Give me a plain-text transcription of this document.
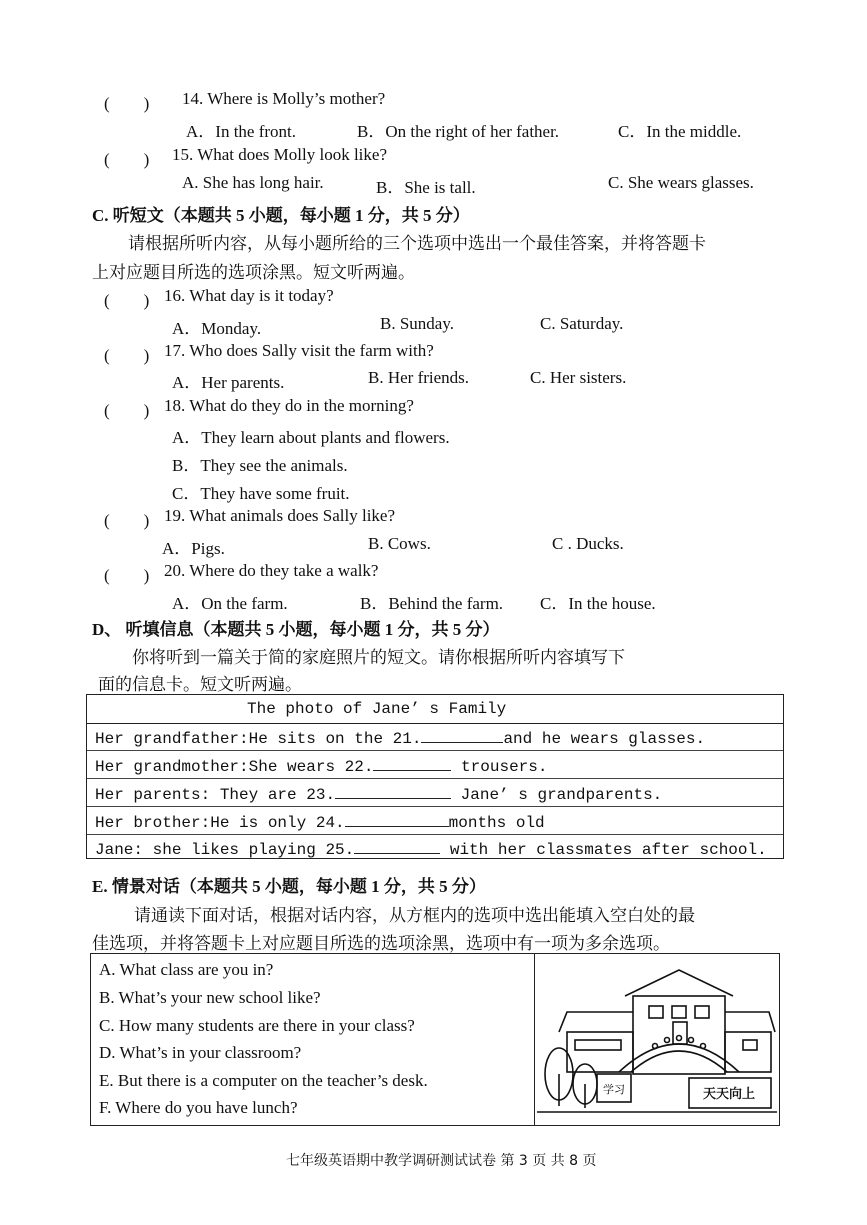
(　　) 14. Where is Molly’s mother?
A．In the front.	B．On the right of her father.	C．In the middle.
(　　) 15. What does Molly look like?
A. She has long hair.	B．She is tall.	C. She wears glasses.
C. 听短文（本题共 5 小题，每小题 1 分，共 5 分）
请根据所听内容，从每小题所给的三个选项中选出一个最佳答案，并将答题卡
上对应题目所选的选项涂黑。短文听两遍。
(　　) 16. What day is it today?
A．Monday.	B. Sunday.	C. Saturday.
(　　) 17. Who does Sally visit the farm with?
A．Her parents.	B. Her friends.	C. Her sisters.
(　　) 18. What do they do in the morning?
A．They learn about plants and flowers.
B．They see the animals.
C．They have some fruit.
(　　) 19. What animals does Sally like?
A．Pigs.	B. Cows.	C . Ducks.
(　　) 20. Where do they take a walk?
A．On the farm.	B．Behind the farm. C．In the house.
D、 听填信息（本题共 5 小题，每小题 1 分，共 5 分）
你将听到一篇关于简的家庭照片的短文。请你根据所听内容填写下
面的信息卡。短文听两遍。
The photo of Jane’ s Family
Her grandfather:He sits on the 21.	and he wears glasses.
Her grandmother:She wears 22.	trousers.
Her parents: They are 23.	Jane’ s grandparents.
Her brother:He is only 24.	months old
Jane: she likes playing 25.	with her classmates after school.
E. 情景对话（本题共 5 小题，每小题 1 分，共 5 分）
请通读下面对话，根据对话内容，从方框内的选项中选出能填入空白处的最
佳选项，并将答题卡上对应题目所选的选项涂黑，选项中有一项为多余选项。
A. What class are you in?
B. What’s your new school like?
C. How many students are there in your class?
D. What’s in your classroom?
E. But there is a computer on the teacher’s desk.
F. Where do you have lunch?
学习	天天向上
七年级英语期中教学调研测试试卷 第 3 页 共 8 页
